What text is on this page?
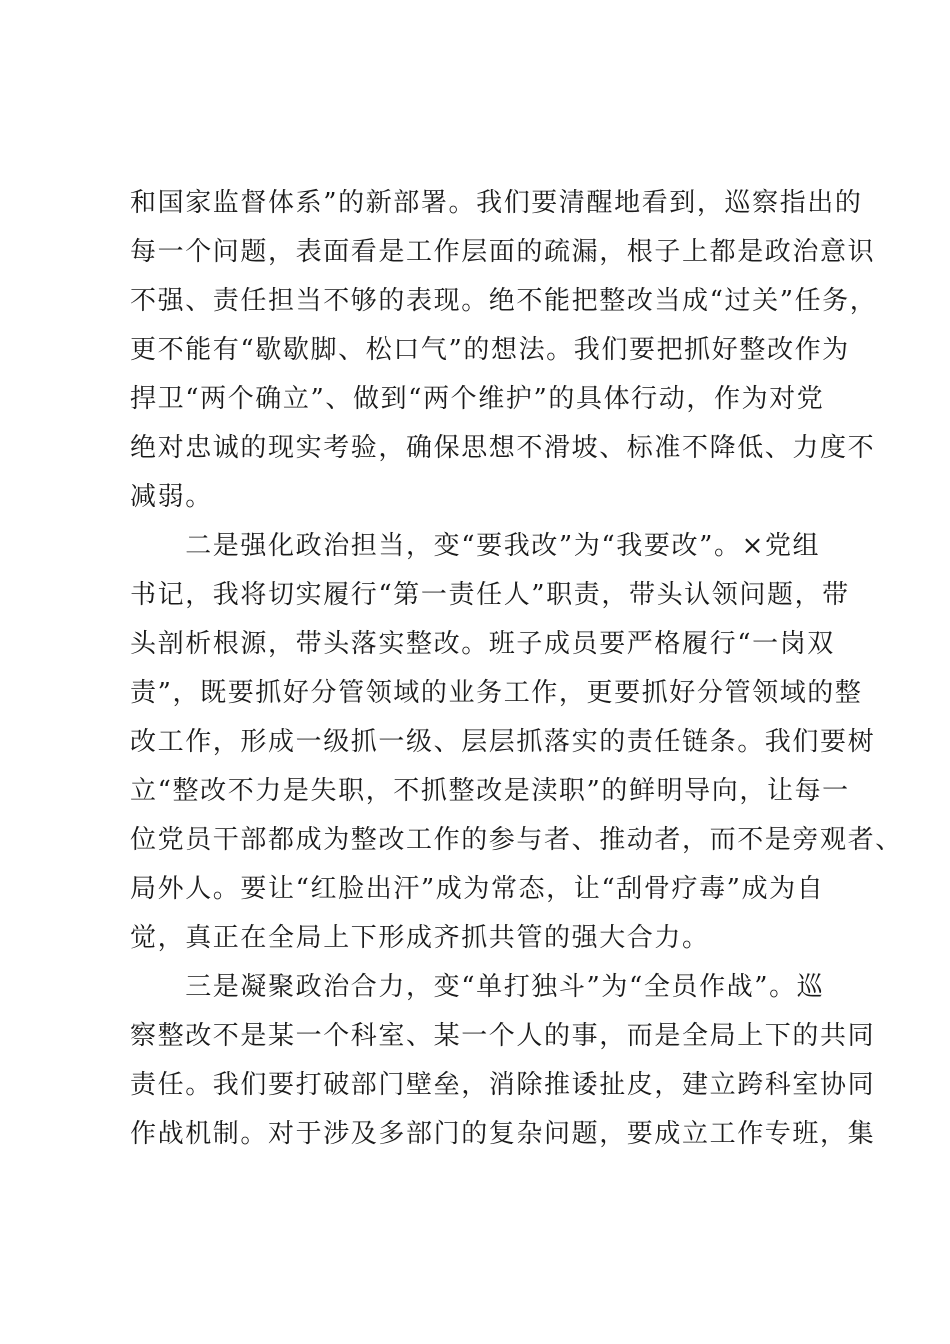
和国家监督体系”的新部署。我们要清醒地看到，巡察指出的
每一个问题，表面看是工作层面的疏漏，根子上都是政治意识
不强、责任担当不够的表现。绝不能把整改当成“过关”任务，
更不能有“歇歇脚、松口气”的想法。我们要把抓好整改作为
捍卫“两个确立”、做到“两个维护”的具体行动，作为对党
绝对忠诚的现实考验，确保思想不滑坡、标准不降低、力度不
减弱。
　　二是强化政治担当，变“要我改”为“我要改”。×党组
书记，我将切实履行“第一责任人”职责，带头认领问题，带
头剖析根源，带头落实整改。班子成员要严格履行“一岗双
责”，既要抓好分管领域的业务工作，更要抓好分管领域的整
改工作，形成一级抓一级、层层抓落实的责任链条。我们要树
立“整改不力是失职，不抓整改是渎职”的鲜明导向，让每一
位党员干部都成为整改工作的参与者、推动者，而不是旁观者、
局外人。要让“红脸出汗”成为常态，让“刮骨疗毒”成为自
觉，真正在全局上下形成齐抓共管的强大合力。
　　三是凝聚政治合力，变“单打独斗”为“全员作战”。巡
察整改不是某一个科室、某一个人的事，而是全局上下的共同
责任。我们要打破部门壁垒，消除推诿扯皮，建立跨科室协同
作战机制。对于涉及多部门的复杂问题，要成立工作专班，集
